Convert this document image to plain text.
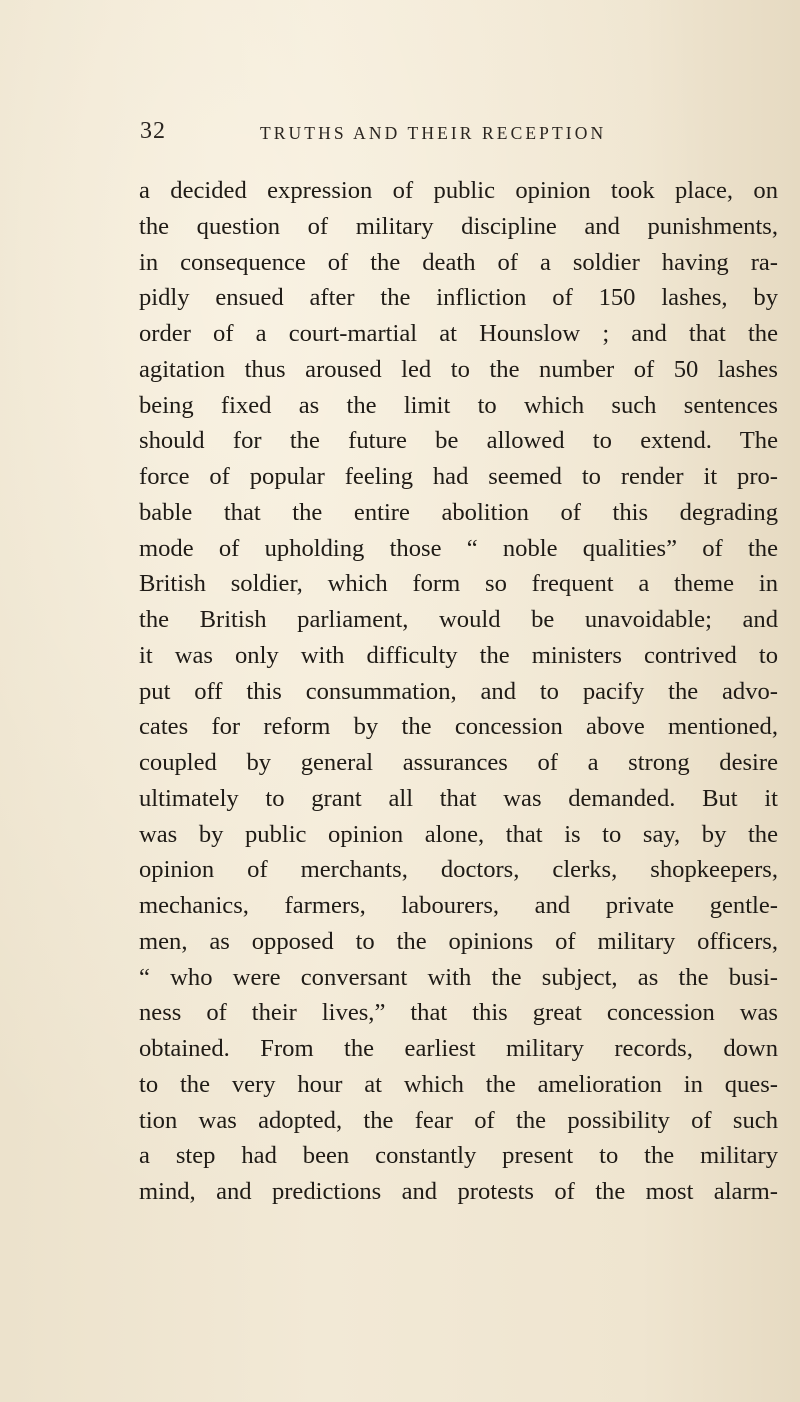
32	TRUTHS AND THEIR RECEPTION
a decided expression of public opinion took place, on
the question of military discipline and punishments,
in consequence of the death of a soldier having ra-
pidly ensued after the infliction of 150 lashes, by
order of a court-martial at Hounslow ; and that the
agitation thus aroused led to the number of 50 lashes
being fixed as the limit to which such sentences
should for the future be allowed to extend. The
force of popular feeling had seemed to render it pro-
bable that the entire abolition of this degrading
mode of upholding those “ noble qualities” of the
British soldier, which form so frequent a theme in
the British parliament, would be unavoidable; and
it was only with difficulty the ministers contrived to
put off this consummation, and to pacify the advo-
cates for reform by the concession above mentioned,
coupled by general assurances of a strong desire
ultimately to grant all that was demanded. But it
was by public opinion alone, that is to say, by the
opinion of merchants, doctors, clerks, shopkeepers,
mechanics, farmers, labourers, and private gentle-
men, as opposed to the opinions of military officers,
“ who were conversant with the subject, as the busi-
ness of their lives,” that this great concession was
obtained. From the earliest military records, down
to the very hour at which the amelioration in ques-
tion was adopted, the fear of the possibility of such
a step had been constantly present to the military
mind, and predictions and protests of the most alarm-
